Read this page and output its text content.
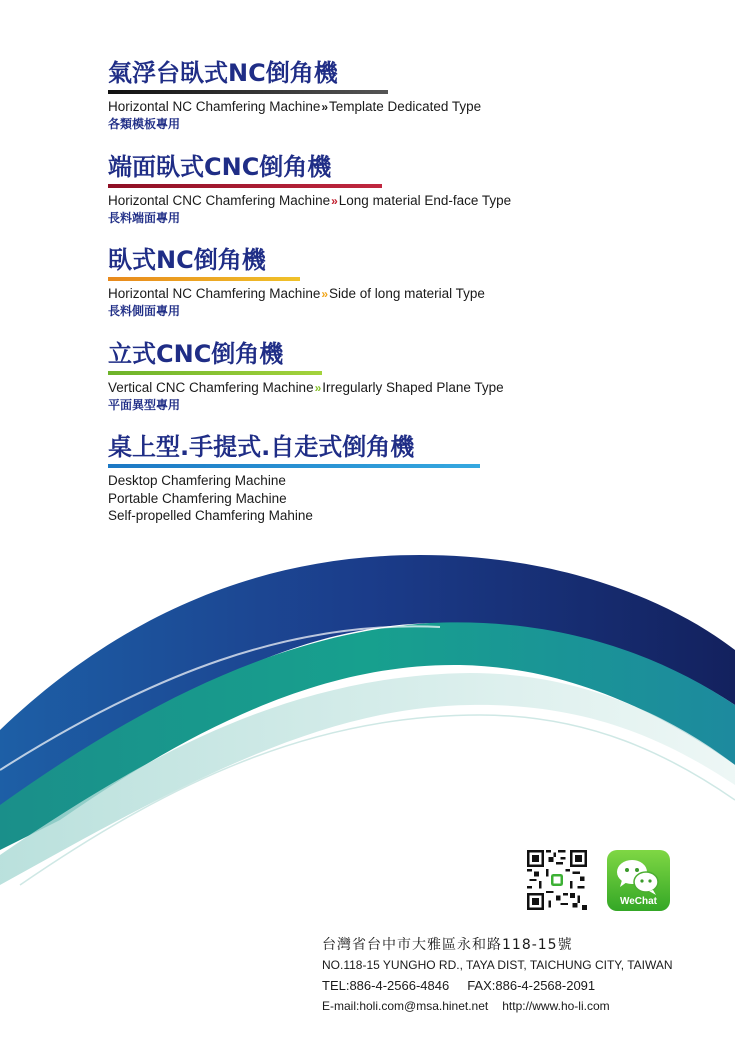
氣浮台臥式NC倒角機
Horizontal NC Chamfering Machine» Template Dedicated Type
各類模板專用
端面臥式CNC倒角機
Horizontal CNC Chamfering Machine» Long material End-face Type
長料端面專用
臥式NC倒角機
Horizontal NC Chamfering Machine» Side of long material Type
長料側面專用
立式CNC倒角機
Vertical CNC Chamfering Machine» Irregularly Shaped Plane Type
平面異型專用
桌上型.手提式.自走式倒角機
Desktop Chamfering Machine
Portable Chamfering Machine
Self-propelled Chamfering Mahine
WeChat
台灣省台中市大雅區永和路118-15號
NO.118-15 YUNGHO RD., TAYA DIST, TAICHUNG CITY, TAIWAN
TEL:886-4-2566-4846 FAX:886-4-2568-2091
E-mail:holi.com@msa.hinet.net http://www.ho-li.com
